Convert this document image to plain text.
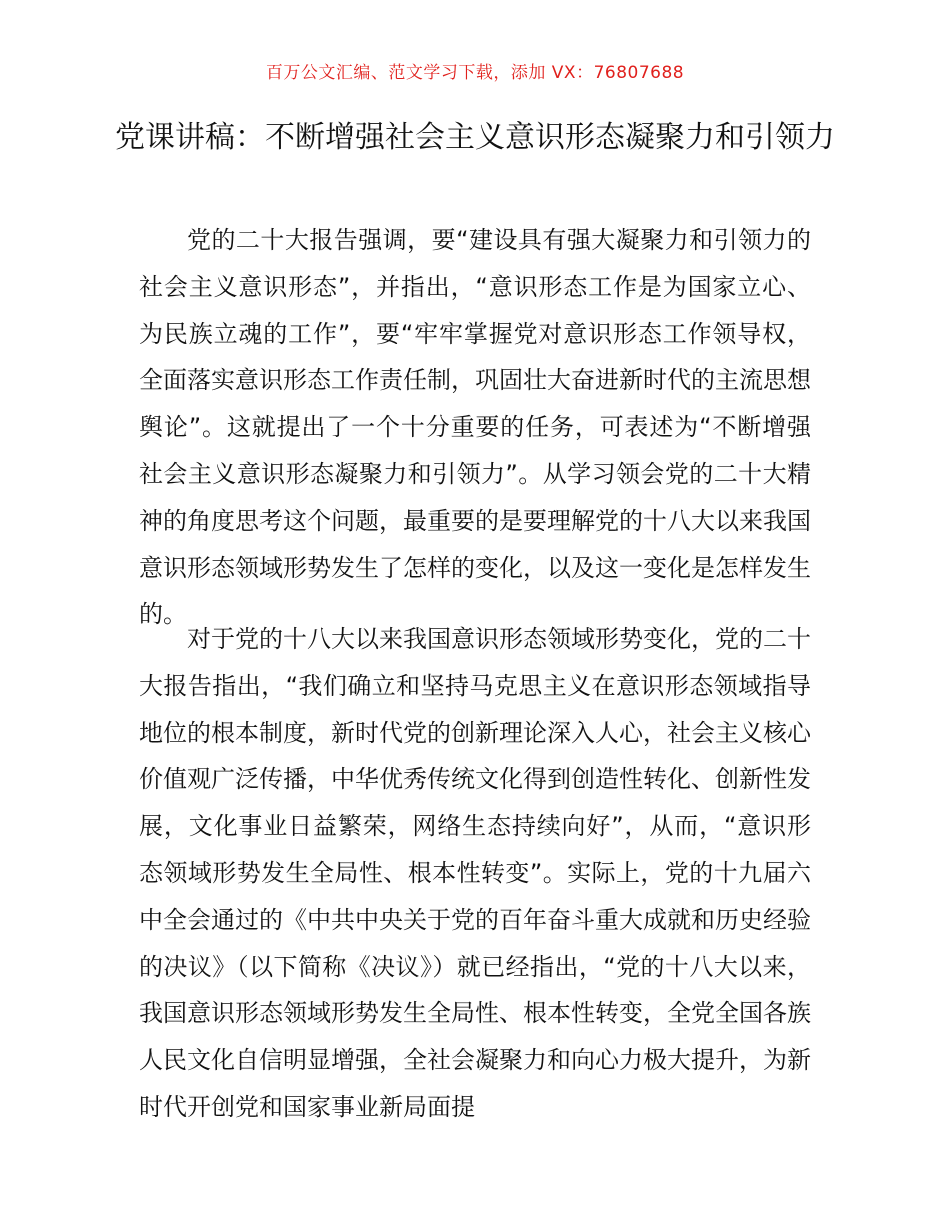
百万公文汇编、范文学习下载，添加 VX：76807688
党课讲稿：不断增强社会主义意识形态凝聚力和引领力

党的二十大报告强调，要“建设具有强大凝聚力和引领力的社会主义意识形态”，并指出，“意识形态工作是为国家立心、为民族立魂的工作”，要“牢牢掌握党对意识形态工作领导权，全面落实意识形态工作责任制，巩固壮大奋进新时代的主流思想舆论”。这就提出了一个十分重要的任务，可表述为“不断增强社会主义意识形态凝聚力和引领力”。从学习领会党的二十大精神的角度思考这个问题，最重要的是要理解党的十八大以来我国意识形态领域形势发生了怎样的变化，以及这一变化是怎样发生的。

对于党的十八大以来我国意识形态领域形势变化，党的二十大报告指出，“我们确立和坚持马克思主义在意识形态领域指导地位的根本制度，新时代党的创新理论深入人心，社会主义核心价值观广泛传播，中华优秀传统文化得到创造性转化、创新性发展，文化事业日益繁荣，网络生态持续向好”，从而，“意识形态领域形势发生全局性、根本性转变”。实际上，党的十九届六中全会通过的《中共中央关于党的百年奋斗重大成就和历史经验的决议》（以下简称《决议》）就已经指出，“党的十八大以来，我国意识形态领域形势发生全局性、根本性转变，全党全国各族人民文化自信明显增强，全社会凝聚力和向心力极大提升，为新时代开创党和国家事业新局面提
